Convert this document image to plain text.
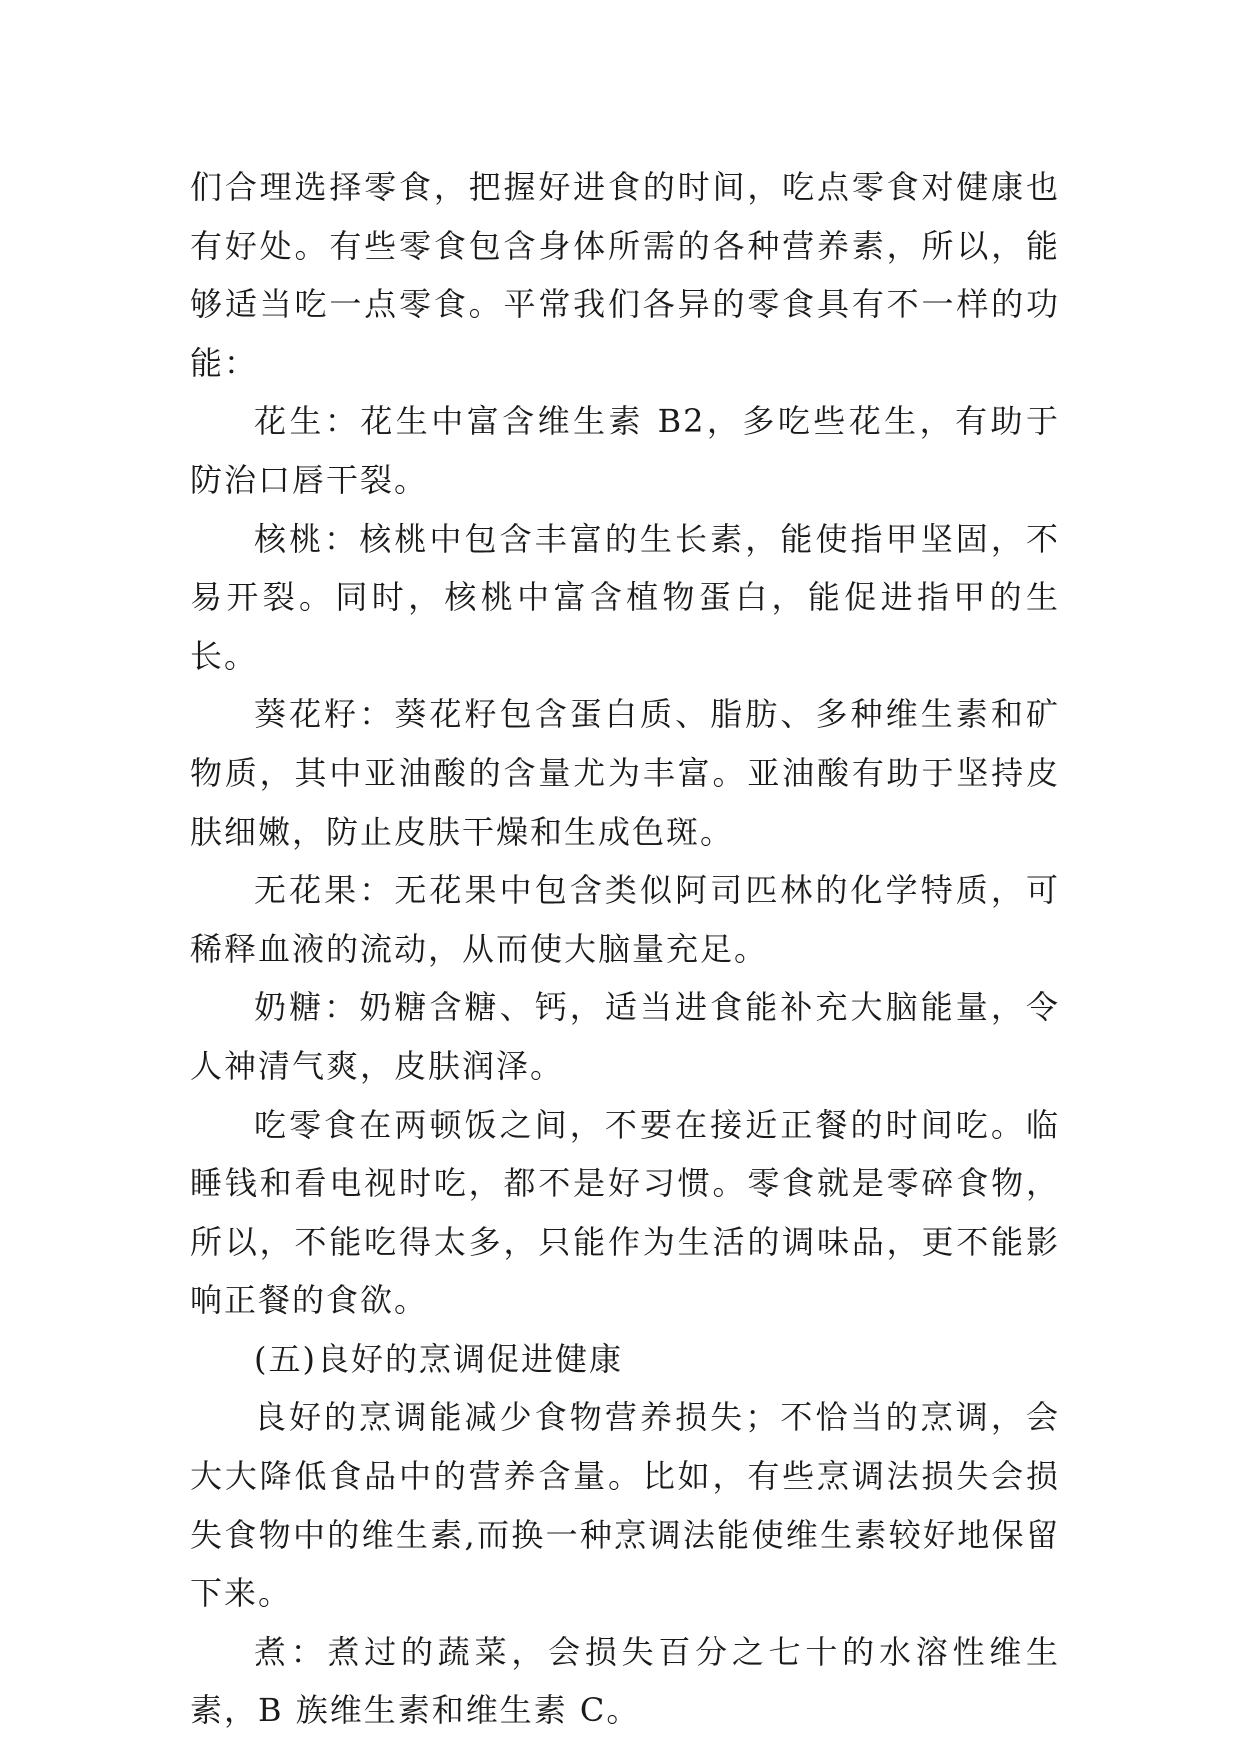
们合理选择零食，把握好进食的时间，吃点零食对健康也有好处。有些零食包含身体所需的各种营养素，所以，能够适当吃一点零食。平常我们各异的零食具有不一样的功能：

花生：花生中富含维生素 B2，多吃些花生，有助于防治口唇干裂。

核桃：核桃中包含丰富的生长素，能使指甲坚固，不易开裂。同时，核桃中富含植物蛋白，能促进指甲的生长。

葵花籽：葵花籽包含蛋白质、脂肪、多种维生素和矿物质，其中亚油酸的含量尤为丰富。亚油酸有助于坚持皮肤细嫩，防止皮肤干燥和生成色斑。

无花果：无花果中包含类似阿司匹林的化学特质，可稀释血液的流动，从而使大脑量充足。

奶糖：奶糖含糖、钙，适当进食能补充大脑能量，令人神清气爽，皮肤润泽。

吃零食在两顿饭之间，不要在接近正餐的时间吃。临睡钱和看电视时吃，都不是好习惯。零食就是零碎食物，所以，不能吃得太多，只能作为生活的调味品，更不能影响正餐的食欲。

(五)良好的烹调促进健康

良好的烹调能减少食物营养损失；不恰当的烹调，会大大降低食品中的营养含量。比如，有些烹调法损失会损失食物中的维生素,而换一种烹调法能使维生素较好地保留下来。

煮：煮过的蔬菜，会损失百分之七十的水溶性维生素，B 族维生素和维生素 C。
